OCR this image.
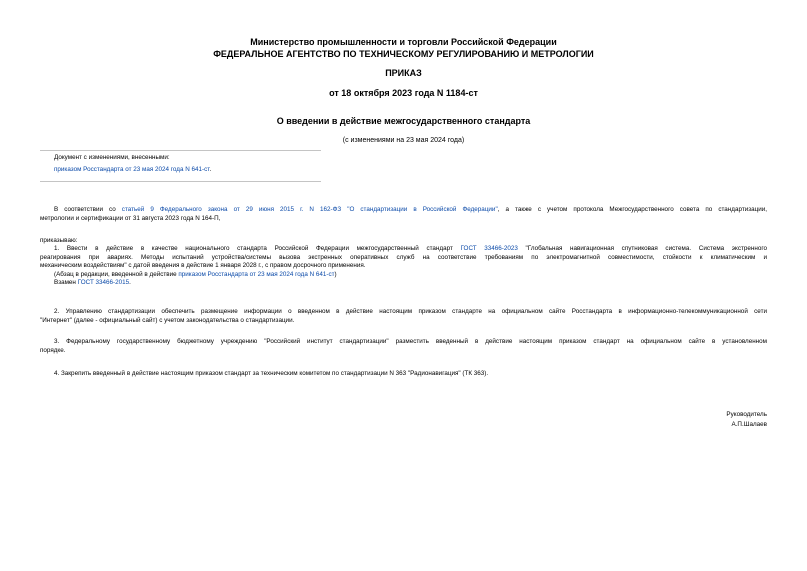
Министерство промышленности и торговли Российской Федерации
ФЕДЕРАЛЬНОЕ АГЕНТСТВО ПО ТЕХНИЧЕСКОМУ РЕГУЛИРОВАНИЮ И МЕТРОЛОГИИ
ПРИКАЗ
от 18 октября 2023 года N 1184-ст
О введении в действие межгосударственного стандарта
(с изменениями на 23 мая 2024 года)
Документ с изменениями, внесенными:
приказом Росстандарта от 23 мая 2024 года N 641-ст.
В соответствии со статьей 9 Федерального закона от 29 июня 2015 г. N 162-ФЗ "О стандартизации в Российской Федерации", а также с учетом протокола Межгосударственного совета по стандартизации,
метрологии и сертификации от 31 августа 2023 года N 164-П,
приказываю:
1. Ввести в действие в качестве национального стандарта Российской Федерации межгосударственный стандарт ГОСТ 33466-2023 "Глобальная навигационная спутниковая система. Система экстренного
реагирования при авариях. Методы испытаний устройства/системы вызова экстренных оперативных служб на соответствие требованиям по электромагнитной совместимости, стойкости к климатическим и
механическим воздействиям" с датой введения в действие 1 января 2028 г., с правом досрочного применения.
(Абзац в редакции, введенной в действие приказом Росстандарта от 23 мая 2024 года N 641-ст)
Взамен ГОСТ 33466-2015.
2. Управлению стандартизации обеспечить размещение информации о введенном в действие настоящим приказом стандарте на официальном сайте Росстандарта в информационно-телекоммуникационной сети
"Интернет" (далее - официальный сайт) с учетом законодательства о стандартизации.
3. Федеральному государственному бюджетному учреждению "Российский институт стандартизации" разместить введенный в действие настоящим приказом стандарт на официальном сайте в установленном
порядке.
4. Закрепить введенный в действие настоящим приказом стандарт за техническим комитетом по стандартизации N 363 "Радионавигация" (ТК 363).
Руководитель
А.П.Шалаев
